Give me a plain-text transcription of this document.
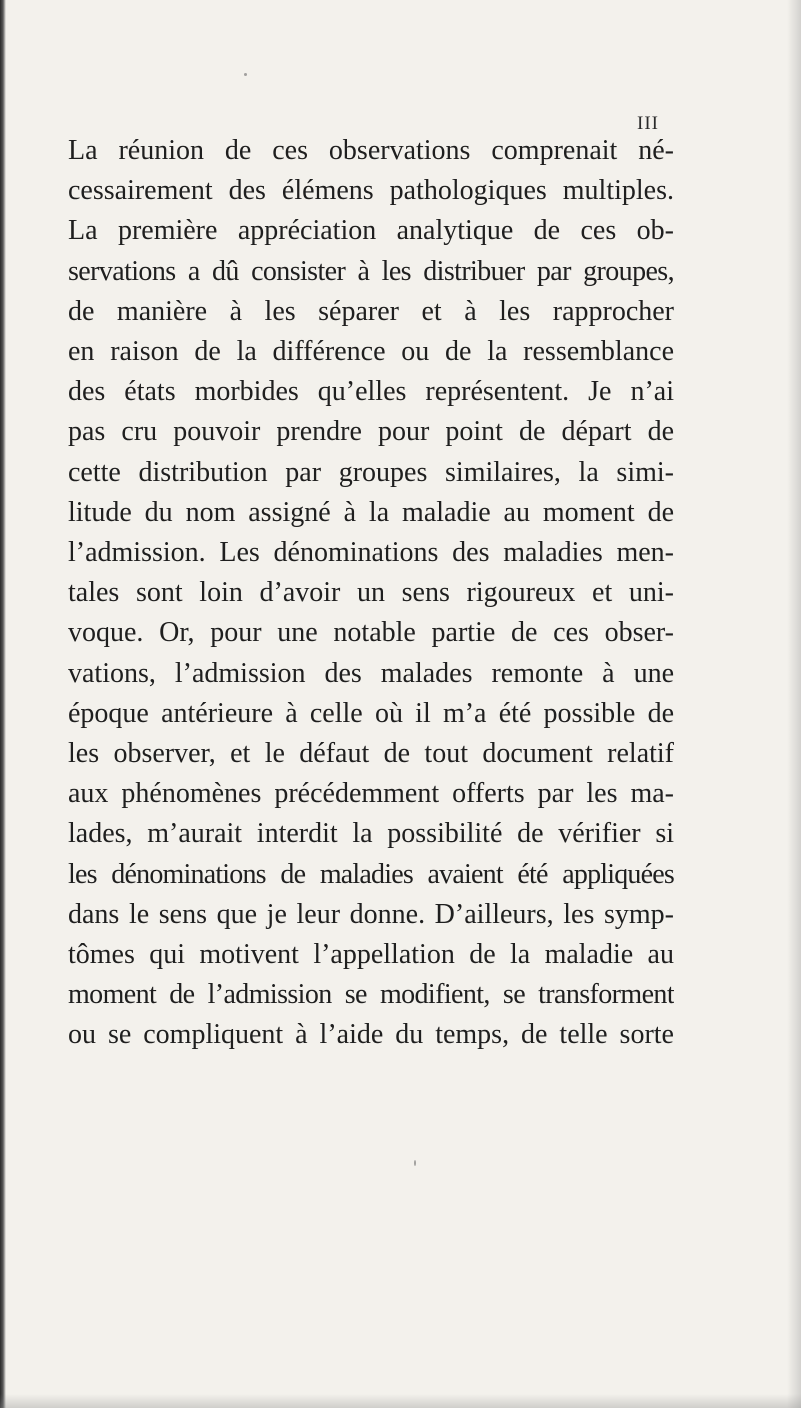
III
La réunion de ces observations comprenait né-
cessairement des élémens pathologiques multiples.
La première appréciation analytique de ces ob-
servations a dû consister à les distribuer par groupes,
de manière à les séparer et à les rapprocher
en raison de la différence ou de la ressemblance
des états morbides qu’elles représentent. Je n’ai
pas cru pouvoir prendre pour point de départ de
cette distribution par groupes similaires, la simi-
litude du nom assigné à la maladie au moment de
l’admission. Les dénominations des maladies men-
tales sont loin d’avoir un sens rigoureux et uni-
voque. Or, pour une notable partie de ces obser-
vations, l’admission des malades remonte à une
époque antérieure à celle où il m’a été possible de
les observer, et le défaut de tout document relatif
aux phénomènes précédemment offerts par les ma-
lades, m’aurait interdit la possibilité de vérifier si
les dénominations de maladies avaient été appliquées
dans le sens que je leur donne. D’ailleurs, les symp-
tômes qui motivent l’appellation de la maladie au
moment de l’admission se modifient, se transforment
ou se compliquent à l’aide du temps, de telle sorte
